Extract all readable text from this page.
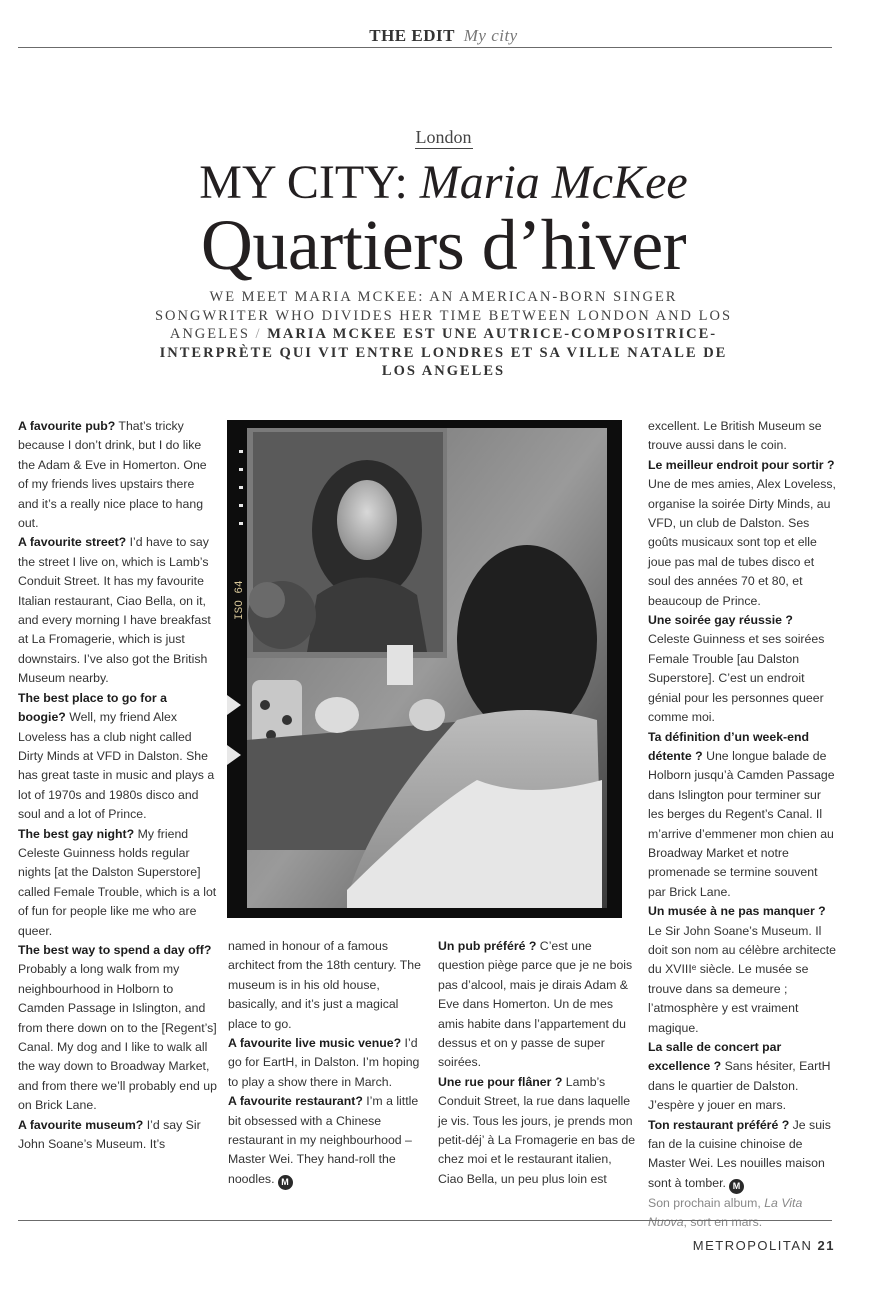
THE EDIT My city
London
MY CITY: Maria McKee
Quartiers d’hiver
WE MEET MARIA MCKEE: AN AMERICAN-BORN SINGER SONGWRITER WHO DIVIDES HER TIME BETWEEN LONDON AND LOS ANGELES / MARIA MCKEE EST UNE AUTRICE-COMPOSITRICE-INTERPRÈTE QUI VIT ENTRE LONDRES ET SA VILLE NATALE DE LOS ANGELES

A favourite pub? That’s tricky because I don’t drink, but I do like the Adam & Eve in Homerton. One of my friends lives upstairs there and it’s a really nice place to hang out.

A favourite street? I’d have to say the street I live on, which is Lamb’s Conduit Street. It has my favourite Italian restaurant, Ciao Bella, on it, and every morning I have breakfast at La Fromagerie, which is just downstairs. I’ve also got the British Museum nearby.

The best place to go for a boogie? Well, my friend Alex Loveless has a club night called Dirty Minds at VFD in Dalston. She has great taste in music and plays a lot of 1970s and 1980s disco and soul and a lot of Prince.

The best gay night? My friend Celeste Guinness holds regular nights [at the Dalston Superstore] called Female Trouble, which is a lot of fun for people like me who are queer.

The best way to spend a day off? Probably a long walk from my neighbourhood in Holborn to Camden Passage in Islington, and from there down on to the [Regent’s] Canal. My dog and I like to walk all the way down to Broadway Market, and from there we’ll probably end up on Brick Lane.

A favourite museum? I’d say Sir John Soane’s Museum. It’s

ISO 64

named in honour of a famous architect from the 18th century. The museum is in his old house, basically, and it’s just a magical place to go.

A favourite live music venue? I’d go for EartH, in Dalston. I’m hoping to play a show there in March.

A favourite restaurant? I’m a little bit obsessed with a Chinese restaurant in my neighbourhood – Master Wei. They hand-roll the noodles. M

Un pub préféré ? C’est une question piège parce que je ne bois pas d’alcool, mais je dirais Adam & Eve dans Homerton. Un de mes amis habite dans l’appartement du dessus et on y passe de super soirées.

Une rue pour flâner ? Lamb’s Conduit Street, la rue dans laquelle je vis. Tous les jours, je prends mon petit-déj’ à La Fromagerie en bas de chez moi et le restaurant italien, Ciao Bella, un peu plus loin est

excellent. Le British Museum se trouve aussi dans le coin.

Le meilleur endroit pour sortir ? Une de mes amies, Alex Loveless, organise la soirée Dirty Minds, au VFD, un club de Dalston. Ses goûts musicaux sont top et elle joue pas mal de tubes disco et soul des années 70 et 80, et beaucoup de Prince.

Une soirée gay réussie ? Celeste Guinness et ses soirées Female Trouble [au Dalston Superstore]. C’est un endroit génial pour les personnes queer comme moi.

Ta définition d’un week-end détente ? Une longue balade de Holborn jusqu’à Camden Passage dans Islington pour terminer sur les berges du Regent’s Canal. Il m’arrive d’emmener mon chien au Broadway Market et notre promenade se termine souvent par Brick Lane.

Un musée à ne pas manquer ? Le Sir John Soane’s Museum. Il doit son nom au célèbre architecte du XVIIIᵉ siècle. Le musée se trouve dans sa demeure ; l’atmosphère y est vraiment magique.

La salle de concert par excellence ? Sans hésiter, EartH dans le quartier de Dalston. J’espère y jouer en mars.

Ton restaurant préféré ? Je suis fan de la cuisine chinoise de Master Wei. Les nouilles maison sont à tomber. M

Son prochain album, La Vita Nuova, sort en mars.

METROPOLITAN 21
